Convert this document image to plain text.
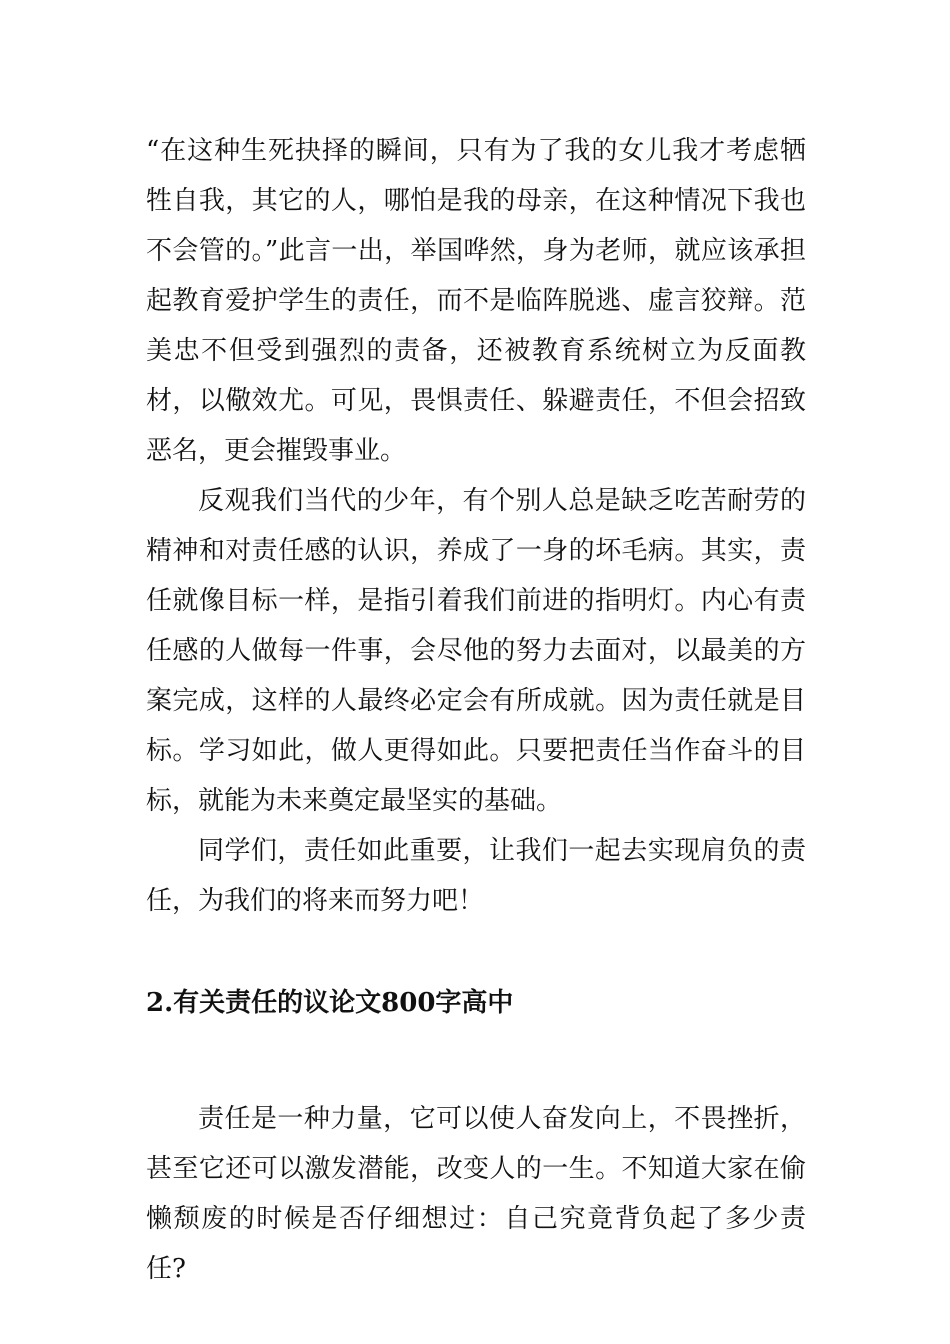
“在这种生死抉择的瞬间，只有为了我的女儿我才考虑牺牲自我，其它的人，哪怕是我的母亲，在这种情况下我也不会管的。”此言一出，举国哗然，身为老师，就应该承担起教育爱护学生的责任，而不是临阵脱逃、虚言狡辩。范美忠不但受到强烈的责备，还被教育系统树立为反面教材，以儆效尤。可见，畏惧责任、躲避责任，不但会招致恶名，更会摧毁事业。

反观我们当代的少年，有个别人总是缺乏吃苦耐劳的精神和对责任感的认识，养成了一身的坏毛病。其实，责任就像目标一样，是指引着我们前进的指明灯。内心有责任感的人做每一件事，会尽他的努力去面对，以最美的方案完成，这样的人最终必定会有所成就。因为责任就是目标。学习如此，做人更得如此。只要把责任当作奋斗的目标，就能为未来奠定最坚实的基础。

同学们，责任如此重要，让我们一起去实现肩负的责任，为我们的将来而努力吧！

2.有关责任的议论文800字高中

责任是一种力量，它可以使人奋发向上，不畏挫折，甚至它还可以激发潜能，改变人的一生。不知道大家在偷懒颓废的时候是否仔细想过：自己究竟背负起了多少责任?
